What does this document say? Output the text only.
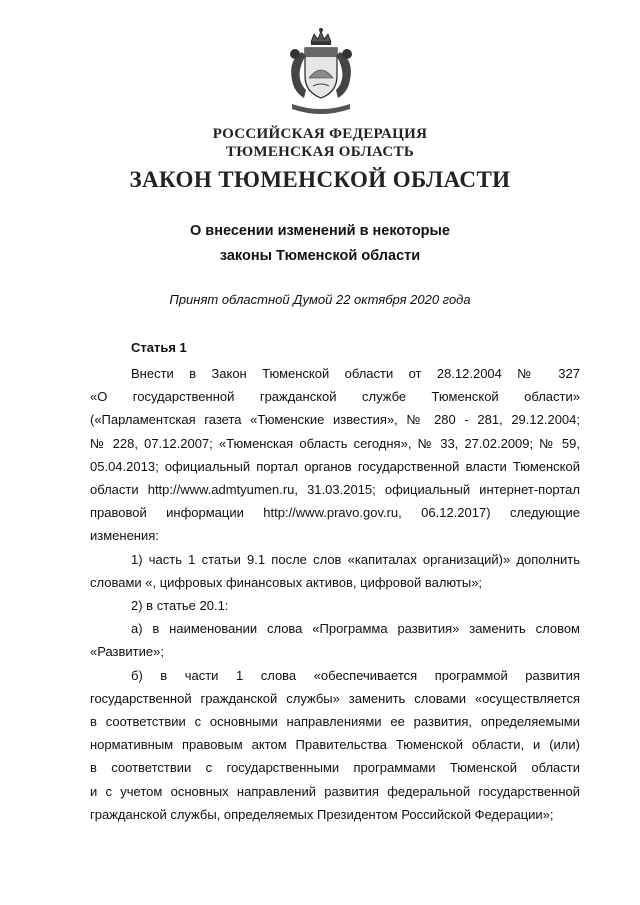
РОССИЙСКАЯ ФЕДЕРАЦИЯ
ТЮМЕНСКАЯ ОБЛАСТЬ
ЗАКОН ТЮМЕНСКОЙ ОБЛАСТИ
О внесении изменений в некоторые
законы Тюменской области
Принят областной Думой 22 октября 2020 года
Статья 1
Внести в Закон Тюменской области от 28.12.2004 № 327
«О государственной гражданской службе Тюменской области»
(«Парламентская газета «Тюменские известия», № 280 - 281, 29.12.2004;
№ 228, 07.12.2007; «Тюменская область сегодня», № 33, 27.02.2009; № 59,
05.04.2013; официальный портал органов государственной власти Тюменской
области http://www.admtyumen.ru, 31.03.2015; официальный интернет-портал
правовой информации http://www.pravo.gov.ru, 06.12.2017) следующие
изменения:
1) часть 1 статьи 9.1 после слов «капиталах организаций)» дополнить
словами «, цифровых финансовых активов, цифровой валюты»;
2) в статье 20.1:
а) в наименовании слова «Программа развития» заменить словом
«Развитие»;
б) в части 1 слова «обеспечивается программой развития
государственной гражданской службы» заменить словами «осуществляется
в соответствии с основными направлениями ее развития, определяемыми
нормативным правовым актом Правительства Тюменской области, и (или)
в соответствии с государственными программами Тюменской области
и с учетом основных направлений развития федеральной государственной
гражданской службы, определяемых Президентом Российской Федерации»;
